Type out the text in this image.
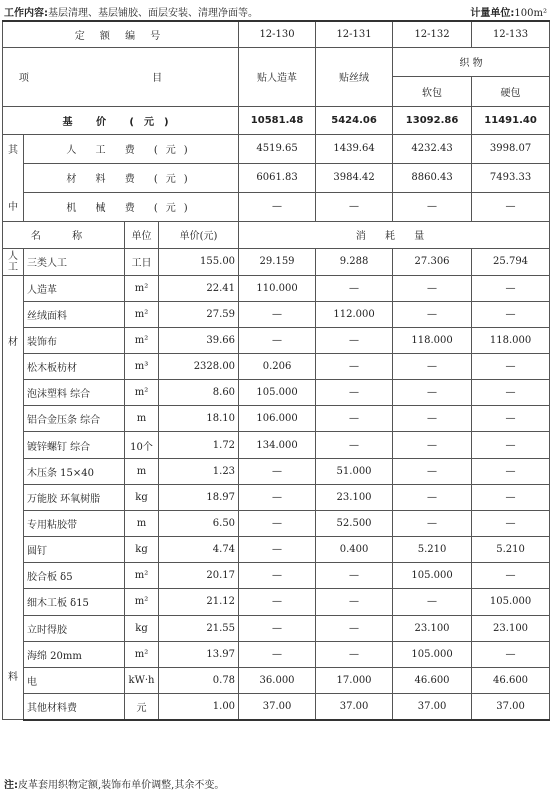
工作内容:基层清理、基层铺胶、面层安装、清理净面等。	计量单位:100m²
定 额 编 号				12-130	12-131	12-132	12-133
项 目				贴人造革	贴丝绒	织 物	
						软包	硬包
基 价 (元)				10581.48	5424.06	13092.86	11491.40

其
中	人 工 费 (元)			4519.65	1439.64	4232.43	3998.07
	材 料 费 (元)			6061.83	3984.42	8860.43	7493.33
	机 械 费 (元)			—	—	—	—
名 称		单位	单价(元)	消 耗 量			

人
工	三类人工	工日	155.00	29.159	9.288	27.306	25.794

材
料	人造革	m²	22.41	110.000	—	—	—
	丝绒面料	m²	27.59	—	112.000	—	—
	装饰布	m²	39.66	—	—	118.000	118.000
	松木板枋材	m³	2328.00	0.206	—	—	—
	泡沫塑料 综合	m²	8.60	105.000	—	—	—
	铝合金压条 综合	m	18.10	106.000	—	—	—
	镀锌螺钉 综合	10个	1.72	134.000	—	—	—
	木压条 15×40	m	1.23	—	51.000	—	—
	万能胶 环氧树脂	kg	18.97	—	23.100	—	—
	专用粘胶带	m	6.50	—	52.500	—	—
	圆钉	kg	4.74	—	0.400	5.210	5.210
	胶合板 δ5	m²	20.17	—	—	105.000	—
	细木工板 δ15	m²	21.12	—	—	—	105.000
	立时得胶	kg	21.55	—	—	23.100	23.100
	海绵 20mm	m²	13.97	—	—	105.000	—
	电	kW·h	0.78	36.000	17.000	46.600	46.600
	其他材料费	元	1.00	37.00	37.00	37.00	37.00
注:皮革套用织物定额,装饰布单价调整,其余不变。
